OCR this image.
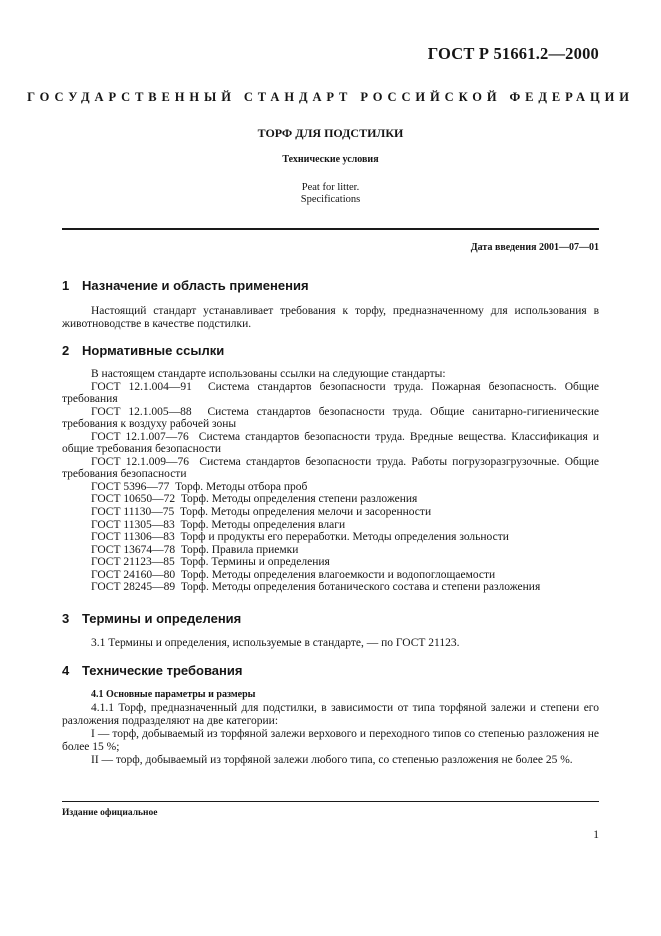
ГОСТ Р 51661.2—2000
ГОСУДАРСТВЕННЫЙ СТАНДАРТ РОССИЙСКОЙ ФЕДЕРАЦИИ
ТОРФ ДЛЯ ПОДСТИЛКИ
Технические условия
Peat for litter.
Specifications
Дата введения 2001—07—01
1 Назначение и область применения
Настоящий стандарт устанавливает требования к торфу, предназначенному для использования в животноводстве в качестве подстилки.
2 Нормативные ссылки
В настоящем стандарте использованы ссылки на следующие стандарты:
ГОСТ 12.1.004—91 Система стандартов безопасности труда. Пожарная безопасность. Общие требования
ГОСТ 12.1.005—88 Система стандартов безопасности труда. Общие санитарно-гигиенические требования к воздуху рабочей зоны
ГОСТ 12.1.007—76 Система стандартов безопасности труда. Вредные вещества. Классификация и общие требования безопасности
ГОСТ 12.1.009—76 Система стандартов безопасности труда. Работы погрузоразгрузочные. Общие требования безопасности
ГОСТ 5396—77 Торф. Методы отбора проб
ГОСТ 10650—72 Торф. Методы определения степени разложения
ГОСТ 11130—75 Торф. Методы определения мелочи и засоренности
ГОСТ 11305—83 Торф. Методы определения влаги
ГОСТ 11306—83 Торф и продукты его переработки. Методы определения зольности
ГОСТ 13674—78 Торф. Правила приемки
ГОСТ 21123—85 Торф. Термины и определения
ГОСТ 24160—80 Торф. Методы определения влагоемкости и водопоглощаемости
ГОСТ 28245—89 Торф. Методы определения ботанического состава и степени разложения
3 Термины и определения
3.1 Термины и определения, используемые в стандарте, — по ГОСТ 21123.
4 Технические требования
4.1 Основные параметры и размеры
4.1.1 Торф, предназначенный для подстилки, в зависимости от типа торфяной залежи и степени его разложения подразделяют на две категории:
I — торф, добываемый из торфяной залежи верхового и переходного типов со степенью разложения не более 15 %;
II — торф, добываемый из торфяной залежи любого типа, со степенью разложения не более 25 %.
Издание официальное
1
